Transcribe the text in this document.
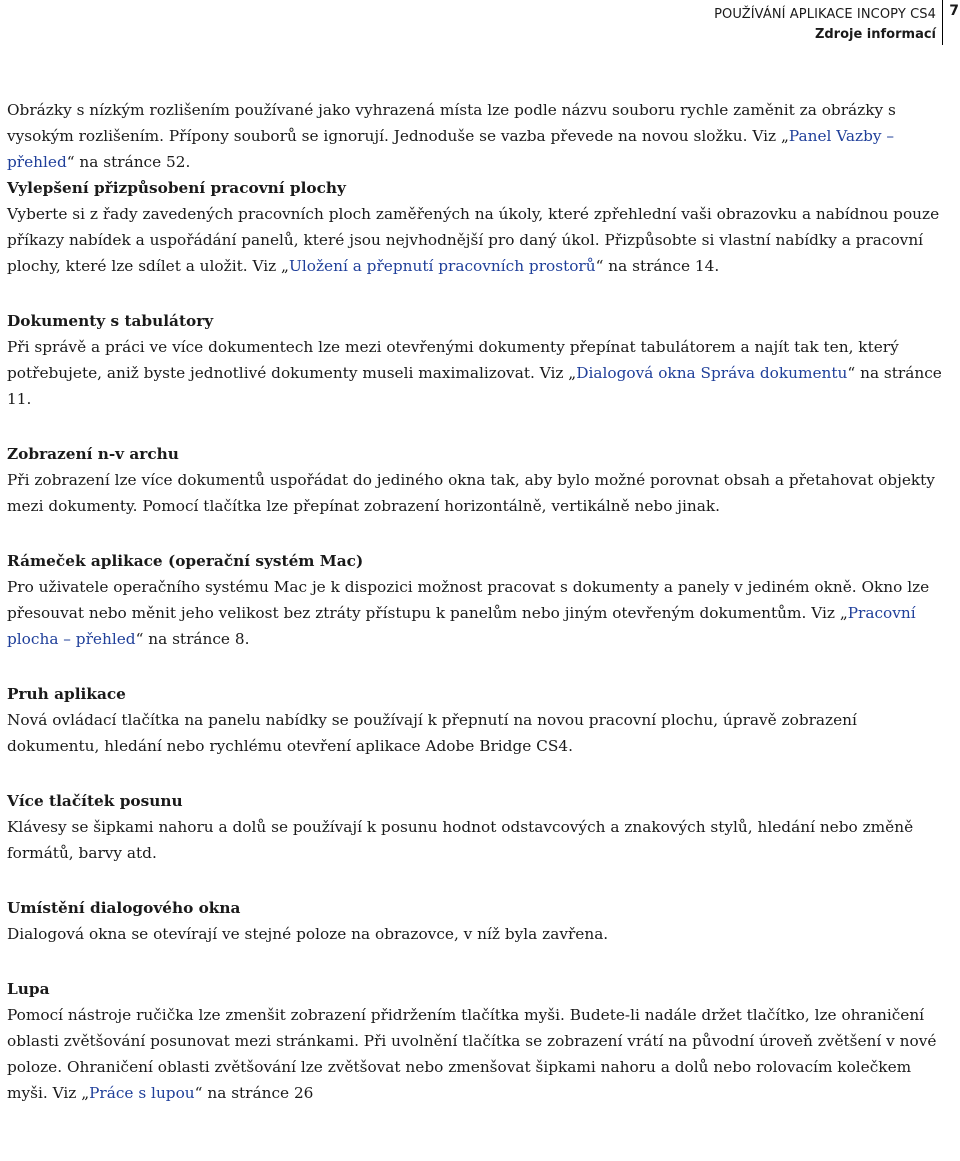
POUŽÍVÁNÍ APLIKACE INCOPY CS4
Zdroje informací
7

Obrázky s nízkým rozlišením používané jako vyhrazená místa lze podle názvu souboru rychle zaměnit za obrázky s vysokým rozlišením. Přípony souborů se ignorují. Jednoduše se vazba převede na novou složku. Viz „Panel Vazby – přehled“ na stránce 52.

Vylepšení přizpůsobení pracovní plochy

Vyberte si z řady zavedených pracovních ploch zaměřených na úkoly, které zpřehlední vaši obrazovku a nabídnou pouze příkazy nabídek a uspořádání panelů, které jsou nejvhodnější pro daný úkol. Přizpůsobte si vlastní nabídky a pracovní plochy, které lze sdílet a uložit. Viz „Uložení a přepnutí pracovních prostorů“ na stránce 14.

Dokumenty s tabulátory

Při správě a práci ve více dokumentech lze mezi otevřenými dokumenty přepínat tabulátorem a najít tak ten, který potřebujete, aniž byste jednotlivé dokumenty museli maximalizovat. Viz „Dialogová okna Správa dokumentu“ na stránce 11.

Zobrazení n-v archu

Při zobrazení lze více dokumentů uspořádat do jediného okna tak, aby bylo možné porovnat obsah a přetahovat objekty mezi dokumenty. Pomocí tlačítka lze přepínat zobrazení horizontálně, vertikálně nebo jinak.

Rámeček aplikace (operační systém Mac)

Pro uživatele operačního systému Mac je k dispozici možnost pracovat s dokumenty a panely v jediném okně. Okno lze přesouvat nebo měnit jeho velikost bez ztráty přístupu k panelům nebo jiným otevřeným dokumentům. Viz „Pracovní plocha – přehled“ na stránce 8.

Pruh aplikace

Nová ovládací tlačítka na panelu nabídky se používají k přepnutí na novou pracovní plochu, úpravě zobrazení dokumentu, hledání nebo rychlému otevření aplikace Adobe Bridge CS4.

Více tlačítek posunu

Klávesy se šipkami nahoru a dolů se používají k posunu hodnot odstavcových a znakových stylů, hledání nebo změně formátů, barvy atd.

Umístění dialogového okna

Dialogová okna se otevírají ve stejné poloze na obrazovce, v níž byla zavřena.

Lupa

Pomocí nástroje ručička lze zmenšit zobrazení přidržením tlačítka myši. Budete-li nadále držet tlačítko, lze ohraničení oblasti zvětšování posunovat mezi stránkami. Při uvolnění tlačítka se zobrazení vrátí na původní úroveň zvětšení v nové poloze. Ohraničení oblasti zvětšování lze zvětšovat nebo zmenšovat šipkami nahoru a dolů nebo rolovacím kolečkem myši. Viz „Práce s lupou“ na stránce 26
